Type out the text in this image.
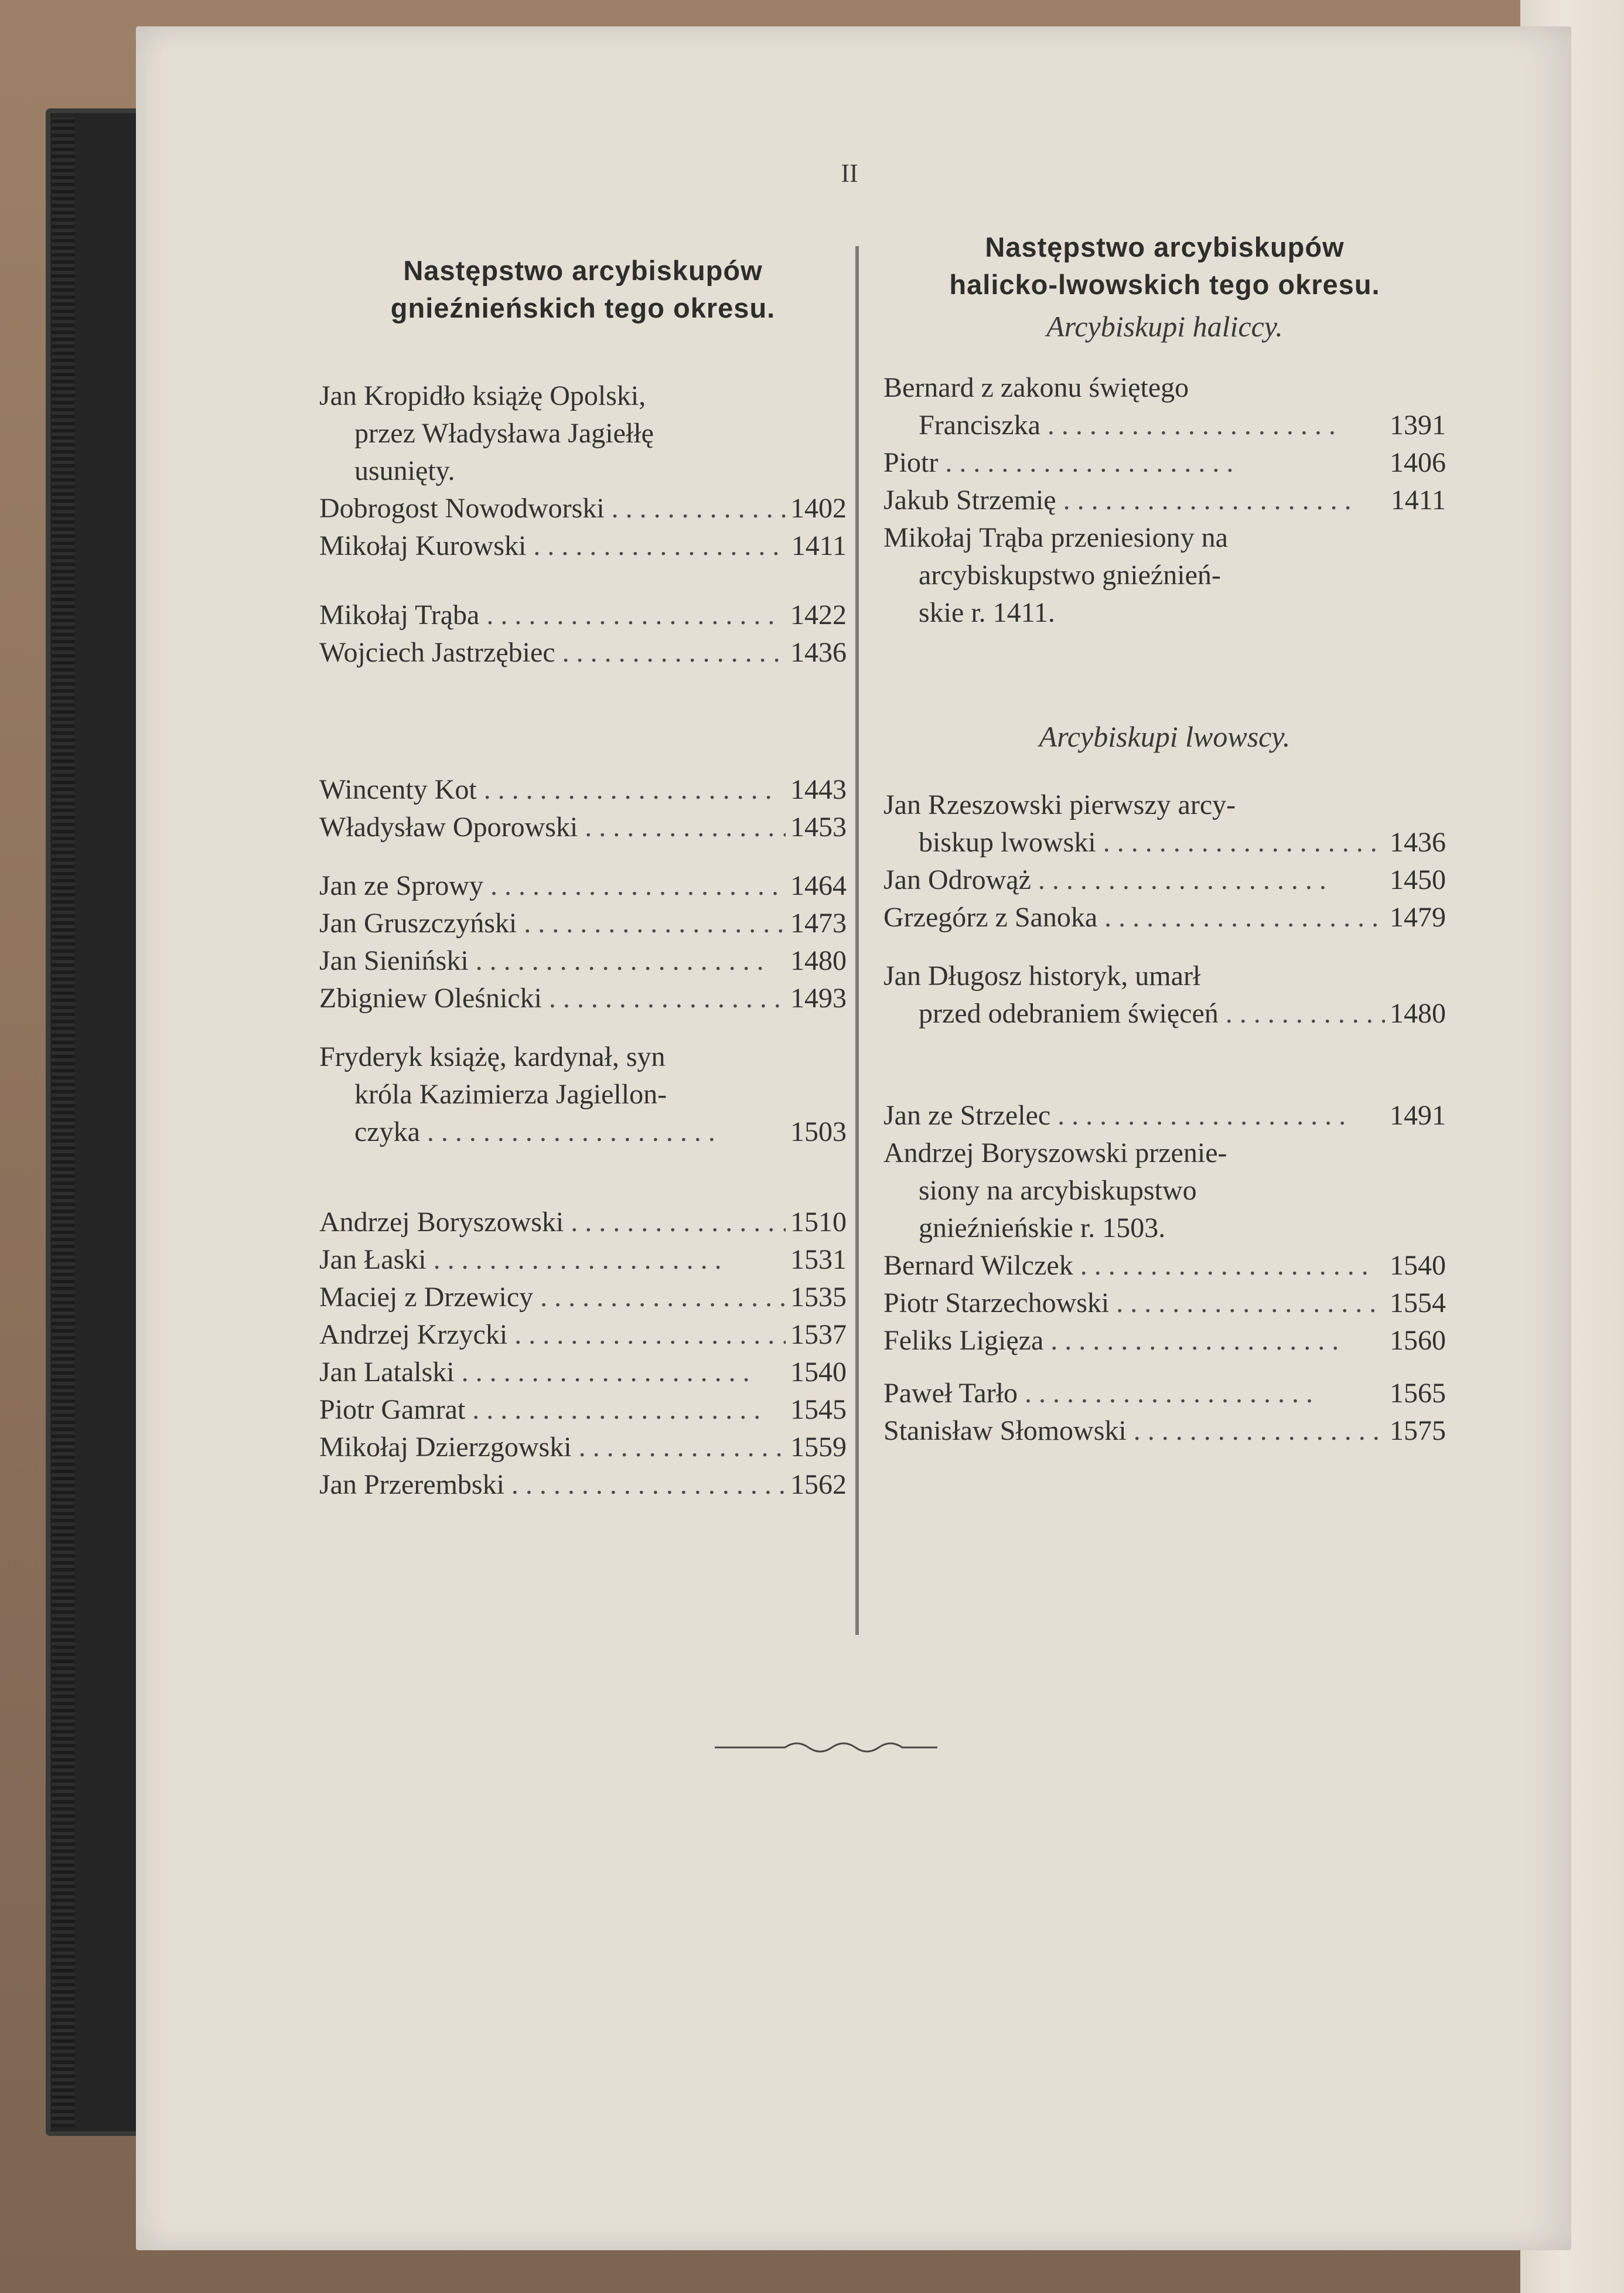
II

Następstwo arcybiskupów

gnieźnieńskich tego okresu.

Jan Kropidło książę Opolski,
przez Władysława Jagiełłę
usunięty.
Dobrogost Nowodworski . .	1402
Mikołaj Kurowski . .	1411
Mikołaj Trąba . .	1422
Wojciech Jastrzębiec . .	1436
Wincenty Kot . .	1443
Władysław Oporowski . .	1453
Jan ze Sprowy . .	1464
Jan Gruszczyński . .	1473
Jan Sieniński . .	1480
Zbigniew Oleśnicki . .	1493
Fryderyk książę, kardynał, syn
króla Kazimierza Jagiellon-
czyka . .	1503
Andrzej Boryszowski . .	1510
Jan Łaski . .	1531
Maciej z Drzewicy . .	1535
Andrzej Krzycki . .	1537
Jan Latalski . .	1540
Piotr Gamrat . .	1545
Mikołaj Dzierzgowski . .	1559
Jan Przerembski . .	1562

Następstwo arcybiskupów

halicko-lwowskich tego okresu.

Arcybiskupi haliccy.

Bernard z zakonu świętego
Franciszka . .	1391
Piotr . .	1406
Jakub Strzemię . .	1411
Mikołaj Trąba przeniesiony na
arcybiskupstwo gnieźnień-
skie r. 1411.

Arcybiskupi lwowscy.

Jan Rzeszowski pierwszy arcy-
biskup lwowski . .	1436
Jan Odrowąż . .	1450
Grzegórz z Sanoka . .	1479
Jan Długosz historyk, umarł
przed odebraniem święceń . .	1480
Jan ze Strzelec . .	1491
Andrzej Boryszowski przenie-
siony na arcybiskupstwo
gnieźnieńskie r. 1503.
Bernard Wilczek . .	1540
Piotr Starzechowski . .	1554
Feliks Ligięza . .	1560
Paweł Tarło . .	1565
Stanisław Słomowski . .	1575
